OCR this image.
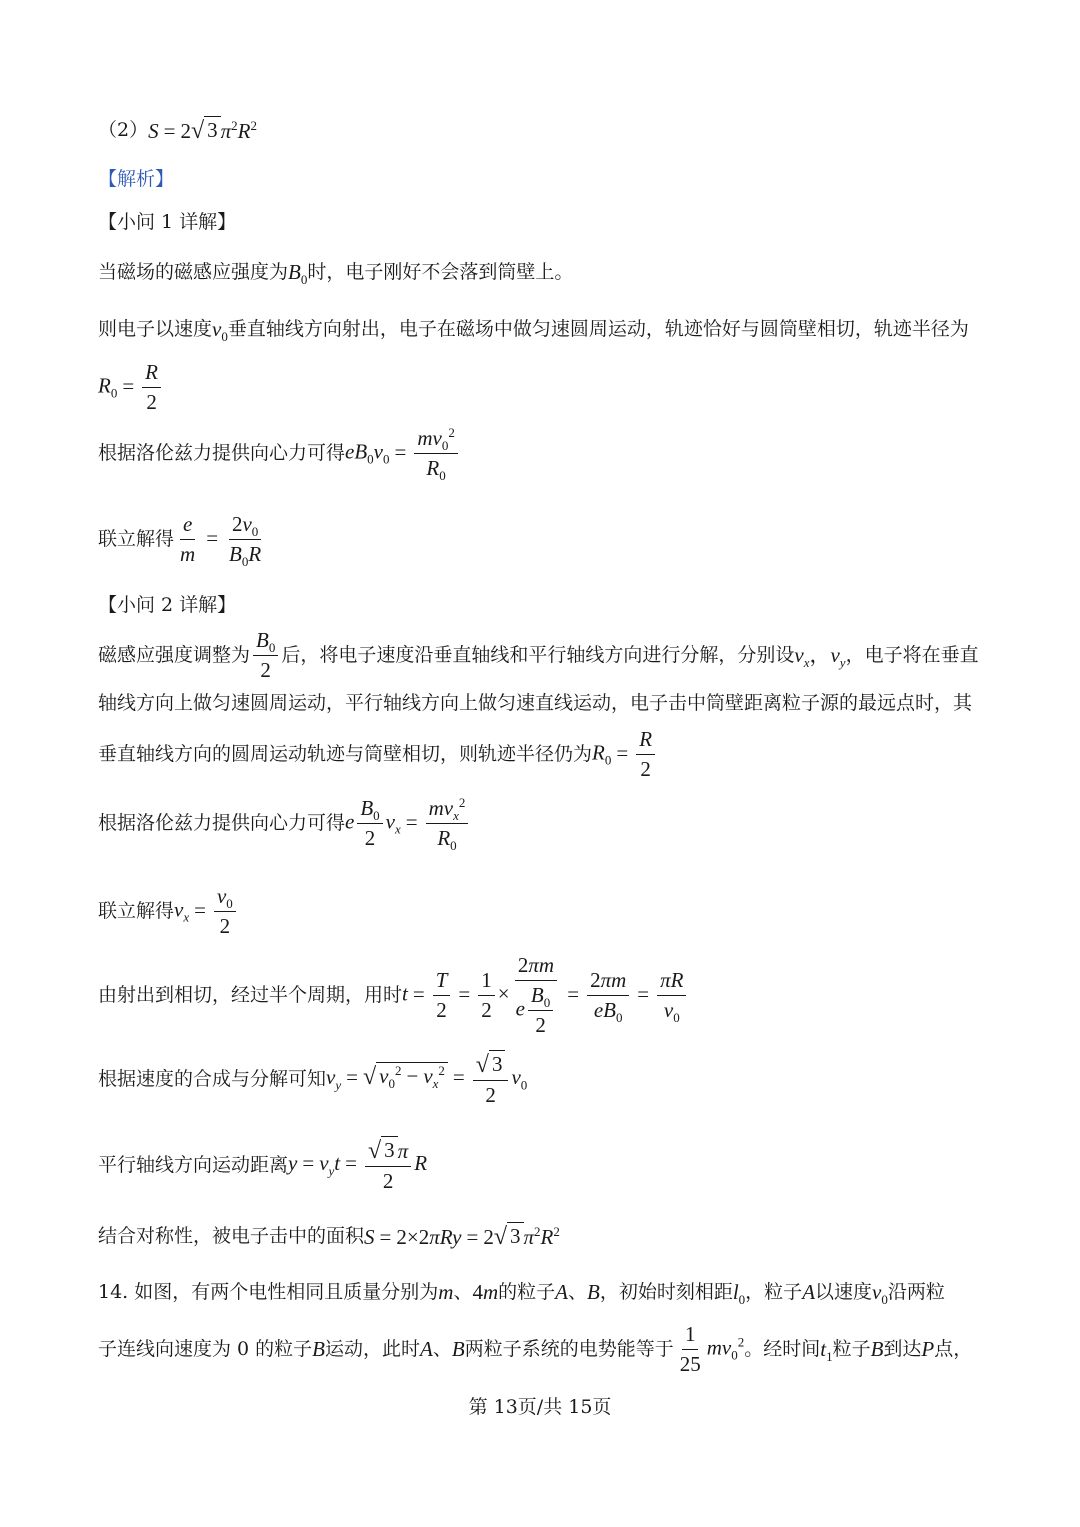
（2） S = 2 √ 3 $\pi^2R^2$
【解析】
【小问 1 详解】
当磁场的磁感应强度为 $B_0$ 时，电子刚好不会落到筒壁上。
则电子以速度 $v_0$ 垂直轴线方向射出，电子在磁场中做匀速圆周运动，轨迹恰好与圆筒壁相切，轨迹半径为
$R_0 = \frac{R}{2}$
根据洛伦兹力提供向心力可得 $eB_0v_0 = \frac{mv_0^2}{R_0}$
联立解得 $\frac{e}{m} = \frac{2v_0}{B_0R}$
【小问 2 详解】
磁感应强度调整为 $\frac{B_0}{2}$ 后，将电子速度沿垂直轴线和平行轴线方向进行分解，分别设 $v_x$，$v_y$ ，电子将在垂直
轴线方向上做匀速圆周运动，平行轴线方向上做匀速直线运动，电子击中筒壁距离粒子源的最远点时，其
垂直轴线方向的圆周运动轨迹与筒壁相切，则轨迹半径仍为 $R_0 = \frac{R}{2}$
根据洛伦兹力提供向心力可得 e $\frac{B_0}{2} v_x = \frac{mv_x^2}{R_0}$
联立解得 $v_x = \frac{v_0}{2}$
由射出到相切，经过半个周期，用时 $t = \frac{T}{2} = \frac{1}{2} \times \frac{2\pi m}{e \frac{B_0}{2}} = \frac{2\pi m}{eB_0} = \frac{\pi R}{v_0}$
根据速度的合成与分解可知 $v_y$ = √ $v_0^2 - v_x^2 = \frac{√ 3}{2} v_0$
平行轴线方向运动距离 $y = v_yt = \frac{√ 3 \pi}{2}$ R
结合对称性，被电子击中的面积 S = 2×2πRy = 2 √ 3 $\pi^2R^2$
14. 如图，有两个电性相同且质量分别为 m 、 4m 的粒子 A 、 B ，初始时刻相距 $l_0$ ，粒子 A 以速度 $v_0$ 沿两粒
子连线向速度为 0 的粒子 B 运动，此时 A 、 B 两粒子系统的电势能等于 $\frac{1}{25} mv_0^2$ 。经时间 $t_1$ 粒子 B 到达 P 点，
第 13页/共 15页
